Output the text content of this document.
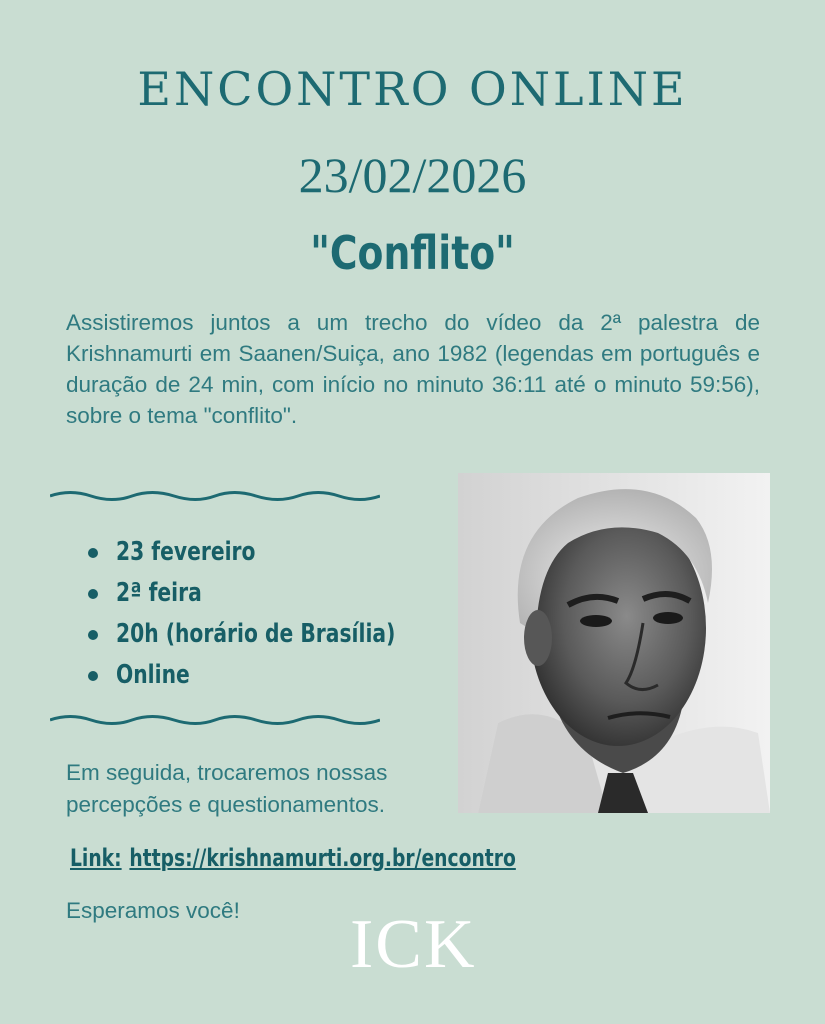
ENCONTRO ONLINE
23/02/2026
"Conflito"

Assistiremos juntos a um trecho do vídeo da 2ª palestra de Krishnamurti em Saanen/Suiça, ano 1982 (legendas em português e duração de 24 min, com início no minuto 36:11 até o minuto 59:56), sobre o tema "conflito".

23 fevereiro
2ª feira
20h (horário de Brasília)
Online

Em seguida, trocaremos nossas percepções e questionamentos.

Link: https://krishnamurti.org.br/encontro

Esperamos você! ICK
